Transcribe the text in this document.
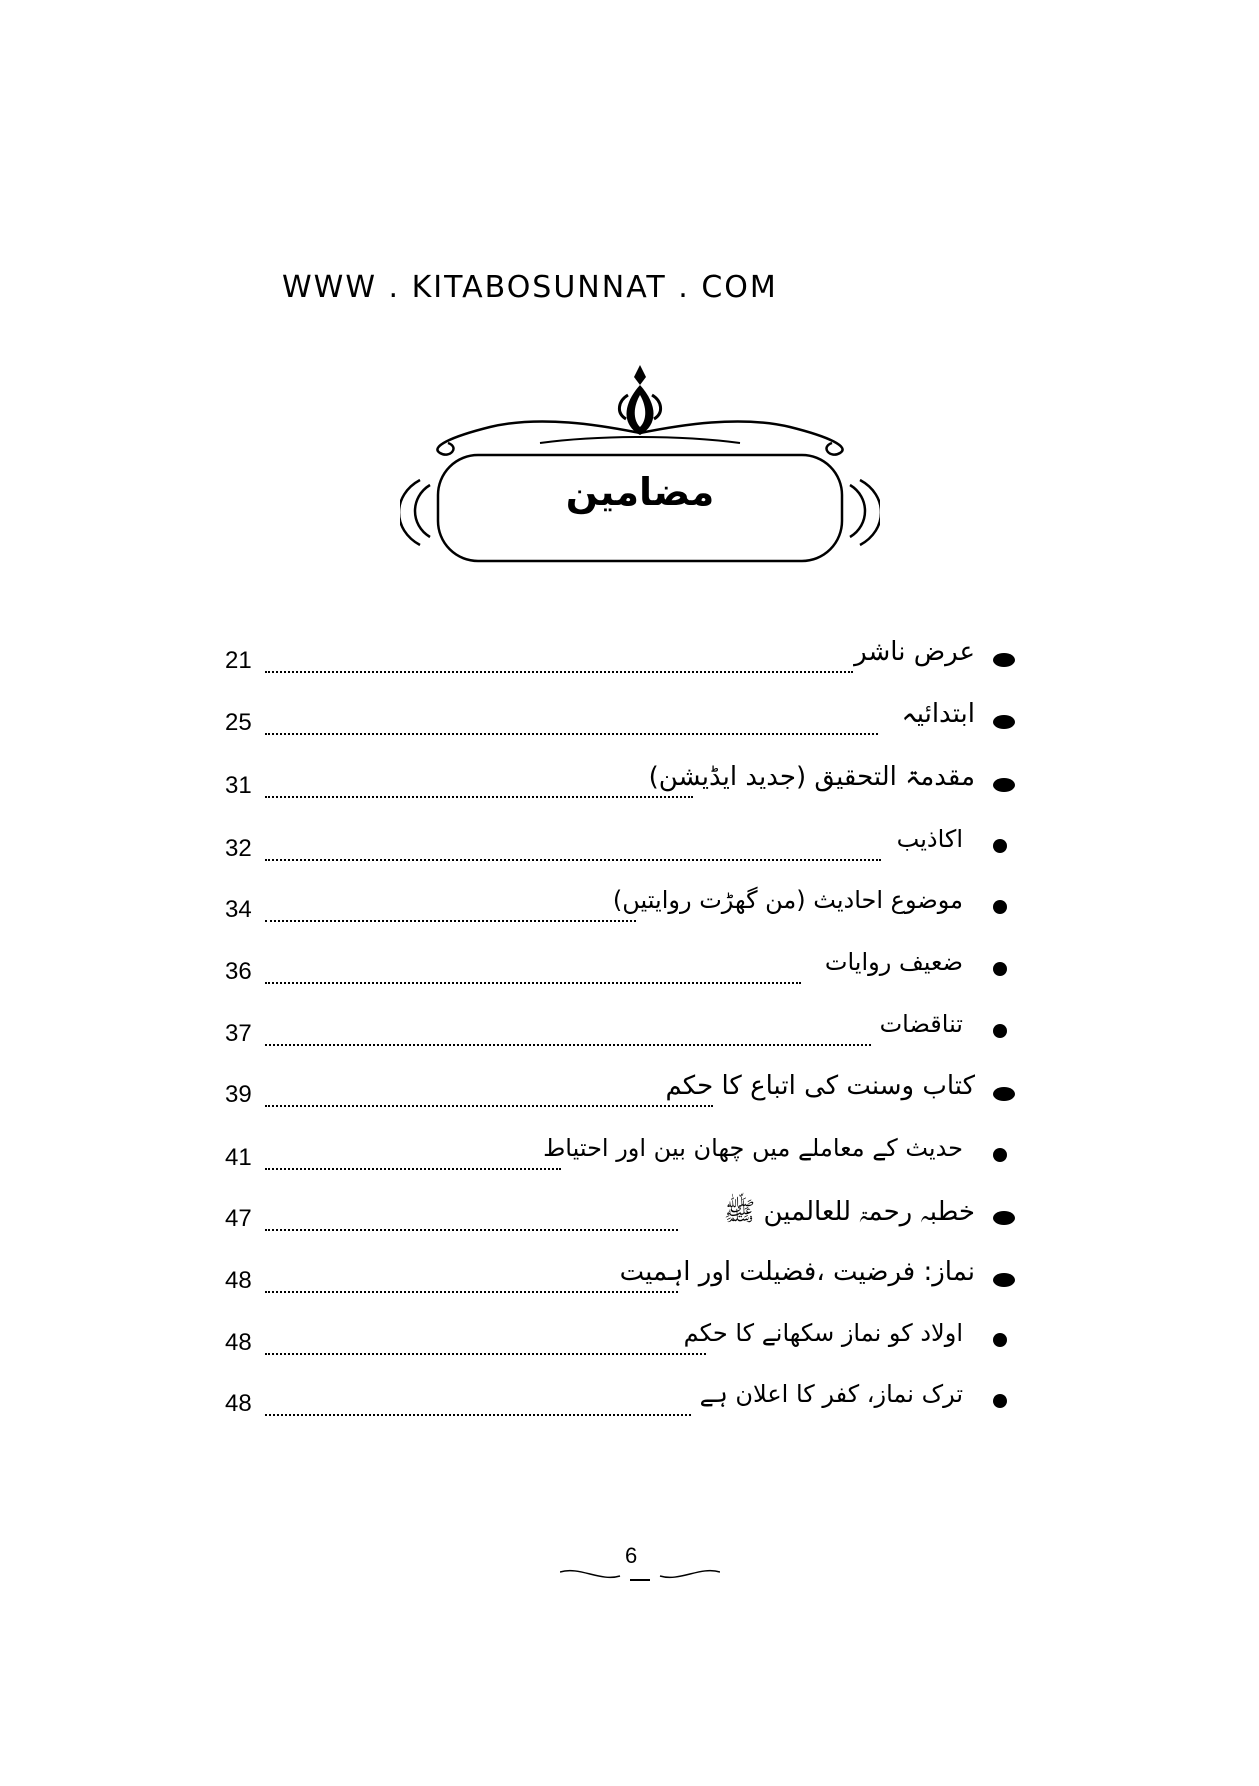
WWW . KITABOSUNNAT . COM
مضامین
عرض ناشر
21
ابتدائیہ
25
مقدمۃ التحقیق (جدید ایڈیشن)
31
اکاذیب
32
موضوع احادیث (من گھڑت روایتیں)
34
ضعیف روایات
36
تناقضات
37
کتاب وسنت کی اتباع کا حکم
39
حدیث کے معاملے میں چھان بین اور احتیاط
41
خطبہ رحمۃ للعالمین ﷺ
47
نماز: فرضیت ،فضیلت اور اہمیت
48
اولاد کو نماز سکھانے کا حکم
48
ترک نماز، کفر کا اعلان ہے
48
6
